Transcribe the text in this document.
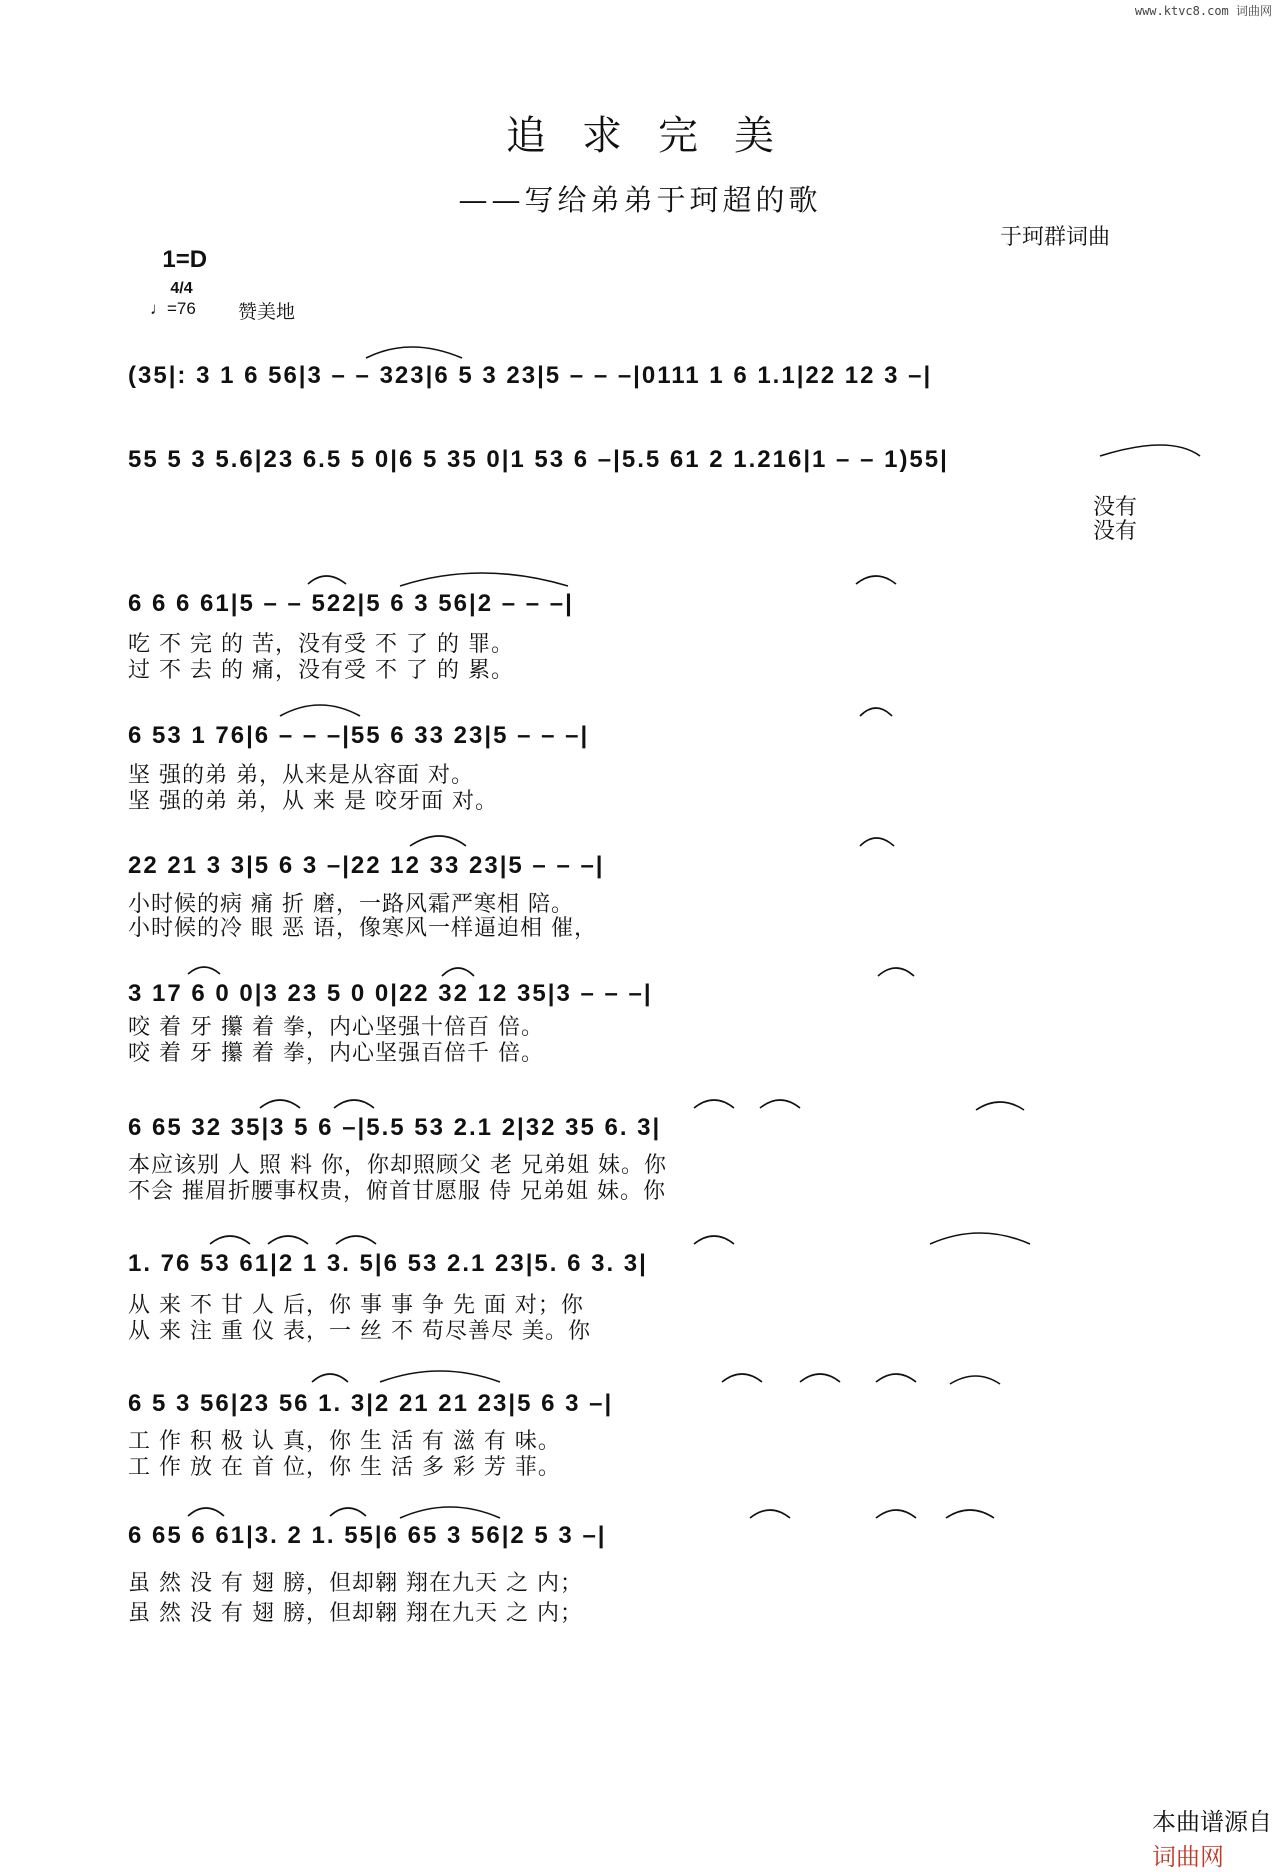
www.ktvc8.com 词曲网
追求完美
——写给弟弟于珂超的歌

1=D
4/4

于珂群词曲
♩=76 赞美地
(35|: 3 1 6 56|3 – – 323|6 5 3 23|5 – – –|0111 1 6 1.1|22 12 3 –|
55 5 3 5.6|23 6.5 5 0|6 5 35 0|1 53 6 –|5.5 61 2 1.216|1 – – 1)55|
没有
没有
6 6 6 61|5 – – 522|5 6 3 56|2 – – –|
吃 不 完 的 苦，没有受 不 了 的 罪。
过 不 去 的 痛，没有受 不 了 的 累。
6 53 1 76|6 – – –|55 6 33 23|5 – – –|
坚 强的弟 弟，从来是从容面 对。
坚 强的弟 弟，从 来 是 咬牙面 对。
22 21 3 3|5 6 3 –|22 12 33 23|5 – – –|
小时候的病 痛 折 磨，一路风霜严寒相 陪。
小时候的冷 眼 恶 语，像寒风一样逼迫相 催，
3 17 6 0 0|3 23 5 0 0|22 32 12 35|3 – – –|
咬 着 牙 攥 着 拳，内心坚强十倍百 倍。
咬 着 牙 攥 着 拳，内心坚强百倍千 倍。
6 65 32 35|3 5 6 –|5.5 53 2.1 2|32 35 6. 3|
本应该别 人 照 料 你，你却照顾父 老 兄弟姐 妹。你
不会 摧眉折腰事权贵，俯首甘愿服 侍 兄弟姐 妹。你
1. 76 53 61|2 1 3. 5|6 53 2.1 23|5. 6 3. 3|
从 来 不 甘 人 后，你 事 事 争 先 面 对；你
从 来 注 重 仪 表，一 丝 不 苟尽善尽 美。你
6 5 3 56|23 56 1. 3|2 21 21 23|5 6 3 –|
工 作 积 极 认 真，你 生 活 有 滋 有 味。
工 作 放 在 首 位，你 生 活 多 彩 芳 菲。
6 65 6 61|3. 2 1. 55|6 65 3 56|2 5 3 –|
虽 然 没 有 翅 膀，但却翱 翔在九天 之 内；
虽 然 没 有 翅 膀，但却翱 翔在九天 之 内；

本曲谱源自
词曲网
